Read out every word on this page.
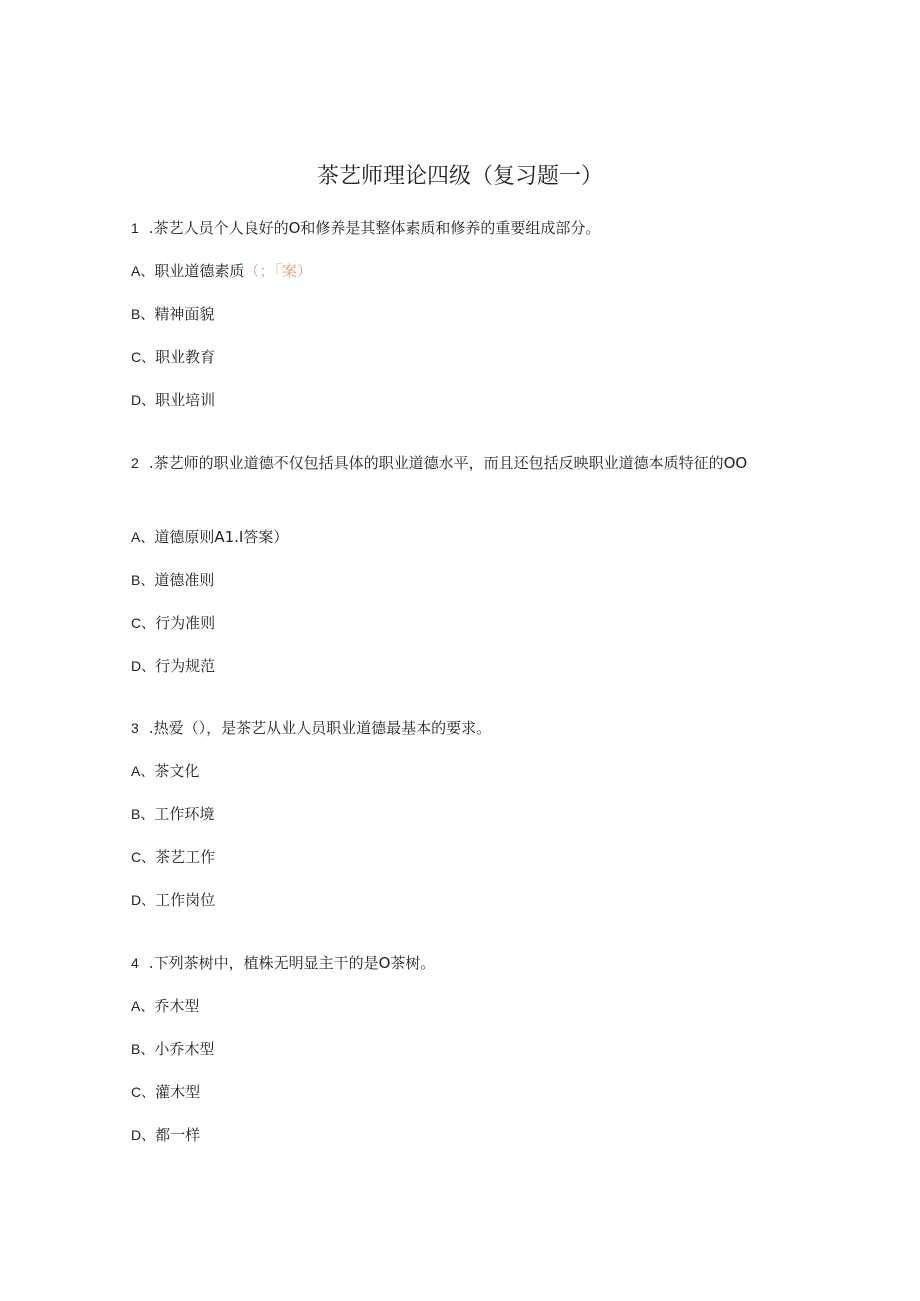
茶艺师理论四级（复习题一）
1 .茶艺人员个人良好的O和修养是其整体素质和修养的重要组成部分。
A、职业道德素质（；「案）
B、精神面貌
C、职业教育
D、职业培训
2 .茶艺师的职业道德不仅包括具体的职业道德水平，而且还包括反映职业道德本质特征的OO
A、道德原则A1.I答案）
B、道德准则
C、行为准则
D、行为规范
3 .热爱（），是茶艺从业人员职业道德最基本的要求。
A、茶文化
B、工作环境
C、茶艺工作
D、工作岗位
4 .下列茶树中，植株无明显主干的是O茶树。
A、乔木型
B、小乔木型
C、灌木型
D、都一样
